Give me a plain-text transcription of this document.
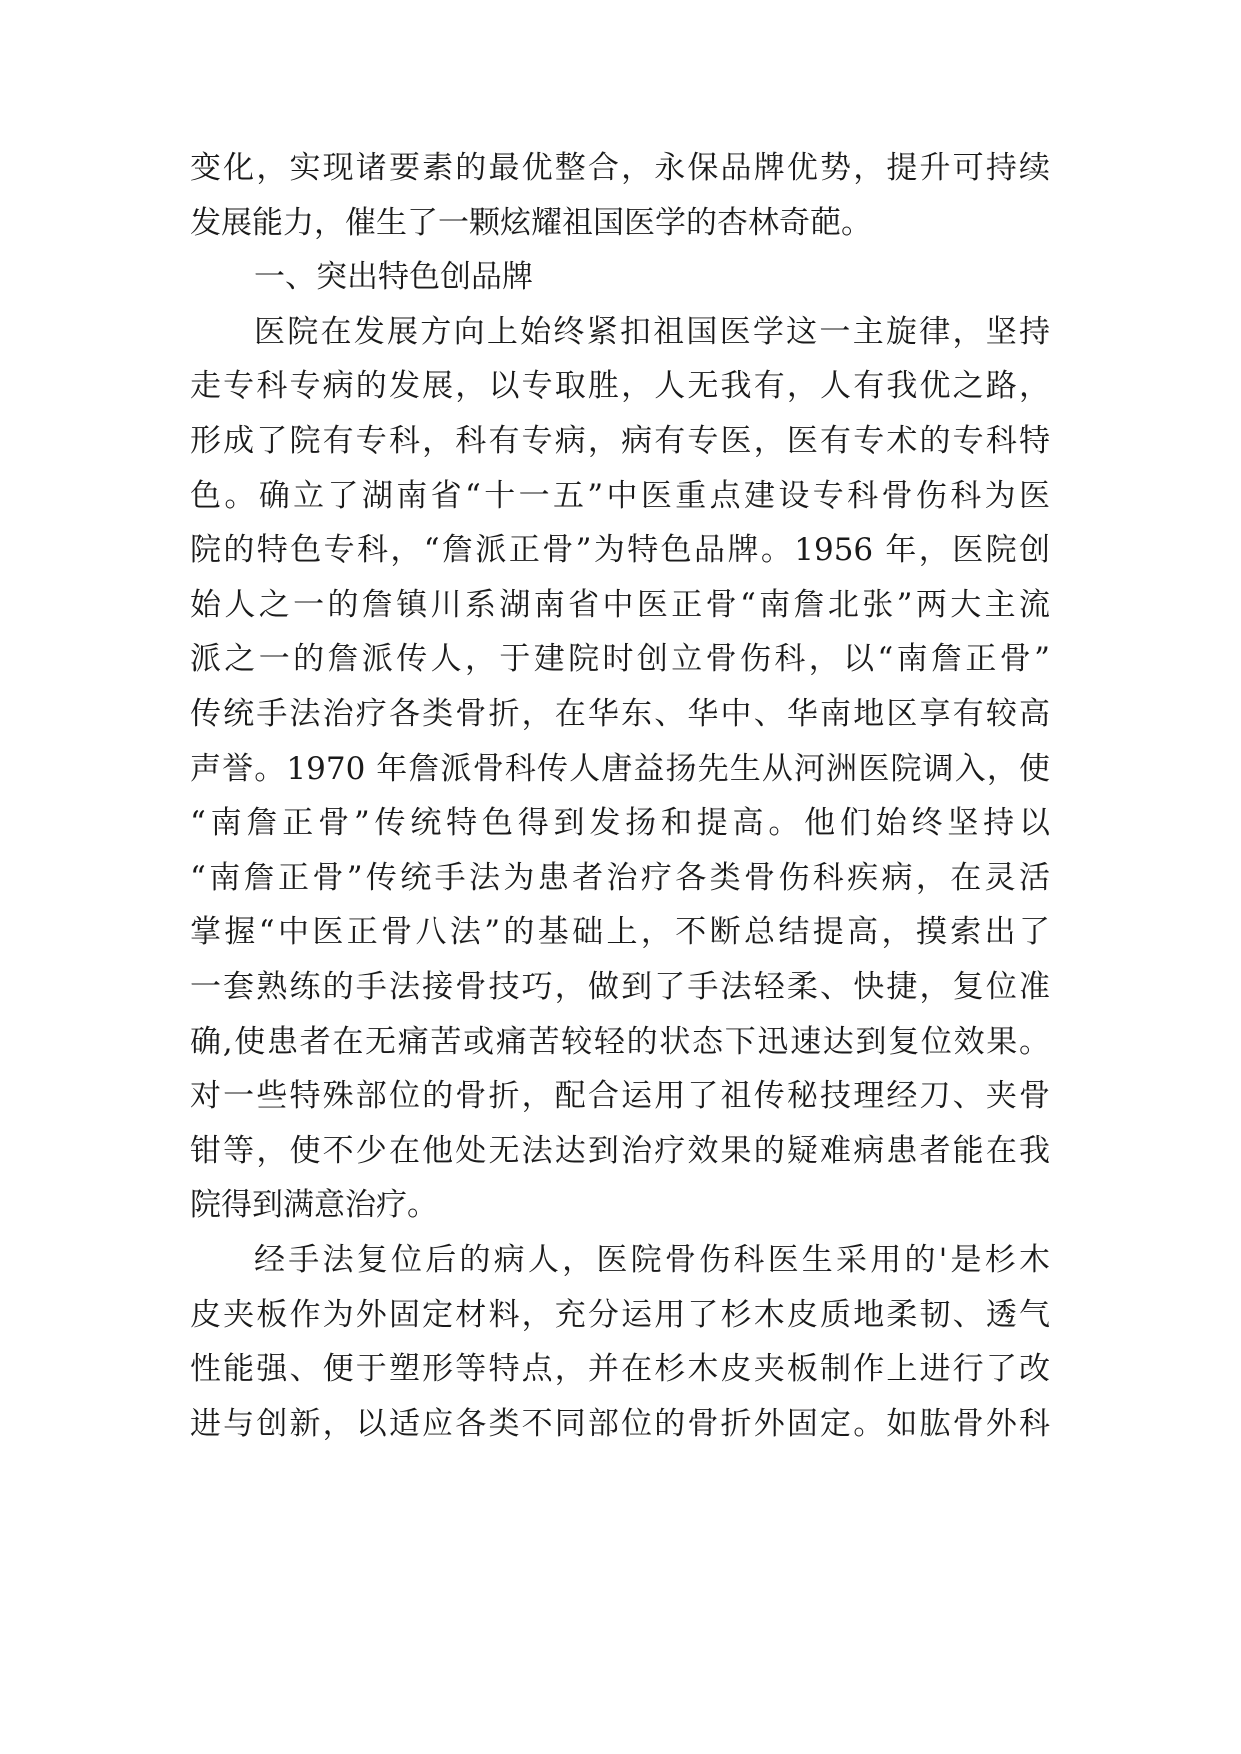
变化，实现诸要素的最优整合，永保品牌优势，提升可持续
发展能力，催生了一颗炫耀祖国医学的杏林奇葩。
一、突出特色创品牌
医院在发展方向上始终紧扣祖国医学这一主旋律，坚持
走专科专病的发展，以专取胜，人无我有，人有我优之路，
形成了院有专科，科有专病，病有专医，医有专术的专科特
色。确立了湖南省“十一五”中医重点建设专科骨伤科为医
院的特色专科，“詹派正骨”为特色品牌。1956 年，医院创
始人之一的詹镇川系湖南省中医正骨“南詹北张”两大主流
派之一的詹派传人，于建院时创立骨伤科，以“南詹正骨”
传统手法治疗各类骨折，在华东、华中、华南地区享有较高
声誉。1970 年詹派骨科传人唐益扬先生从河洲医院调入，使
“南詹正骨”传统特色得到发扬和提高。他们始终坚持以
“南詹正骨”传统手法为患者治疗各类骨伤科疾病，在灵活
掌握“中医正骨八法”的基础上，不断总结提高，摸索出了
一套熟练的手法接骨技巧，做到了手法轻柔、快捷，复位准
确,使患者在无痛苦或痛苦较轻的状态下迅速达到复位效果。
对一些特殊部位的骨折，配合运用了祖传秘技理经刀、夹骨
钳等，使不少在他处无法达到治疗效果的疑难病患者能在我
院得到满意治疗。
经手法复位后的病人，医院骨伤科医生采用的'是杉木
皮夹板作为外固定材料，充分运用了杉木皮质地柔韧、透气
性能强、便于塑形等特点，并在杉木皮夹板制作上进行了改
进与创新，以适应各类不同部位的骨折外固定。如肱骨外科
